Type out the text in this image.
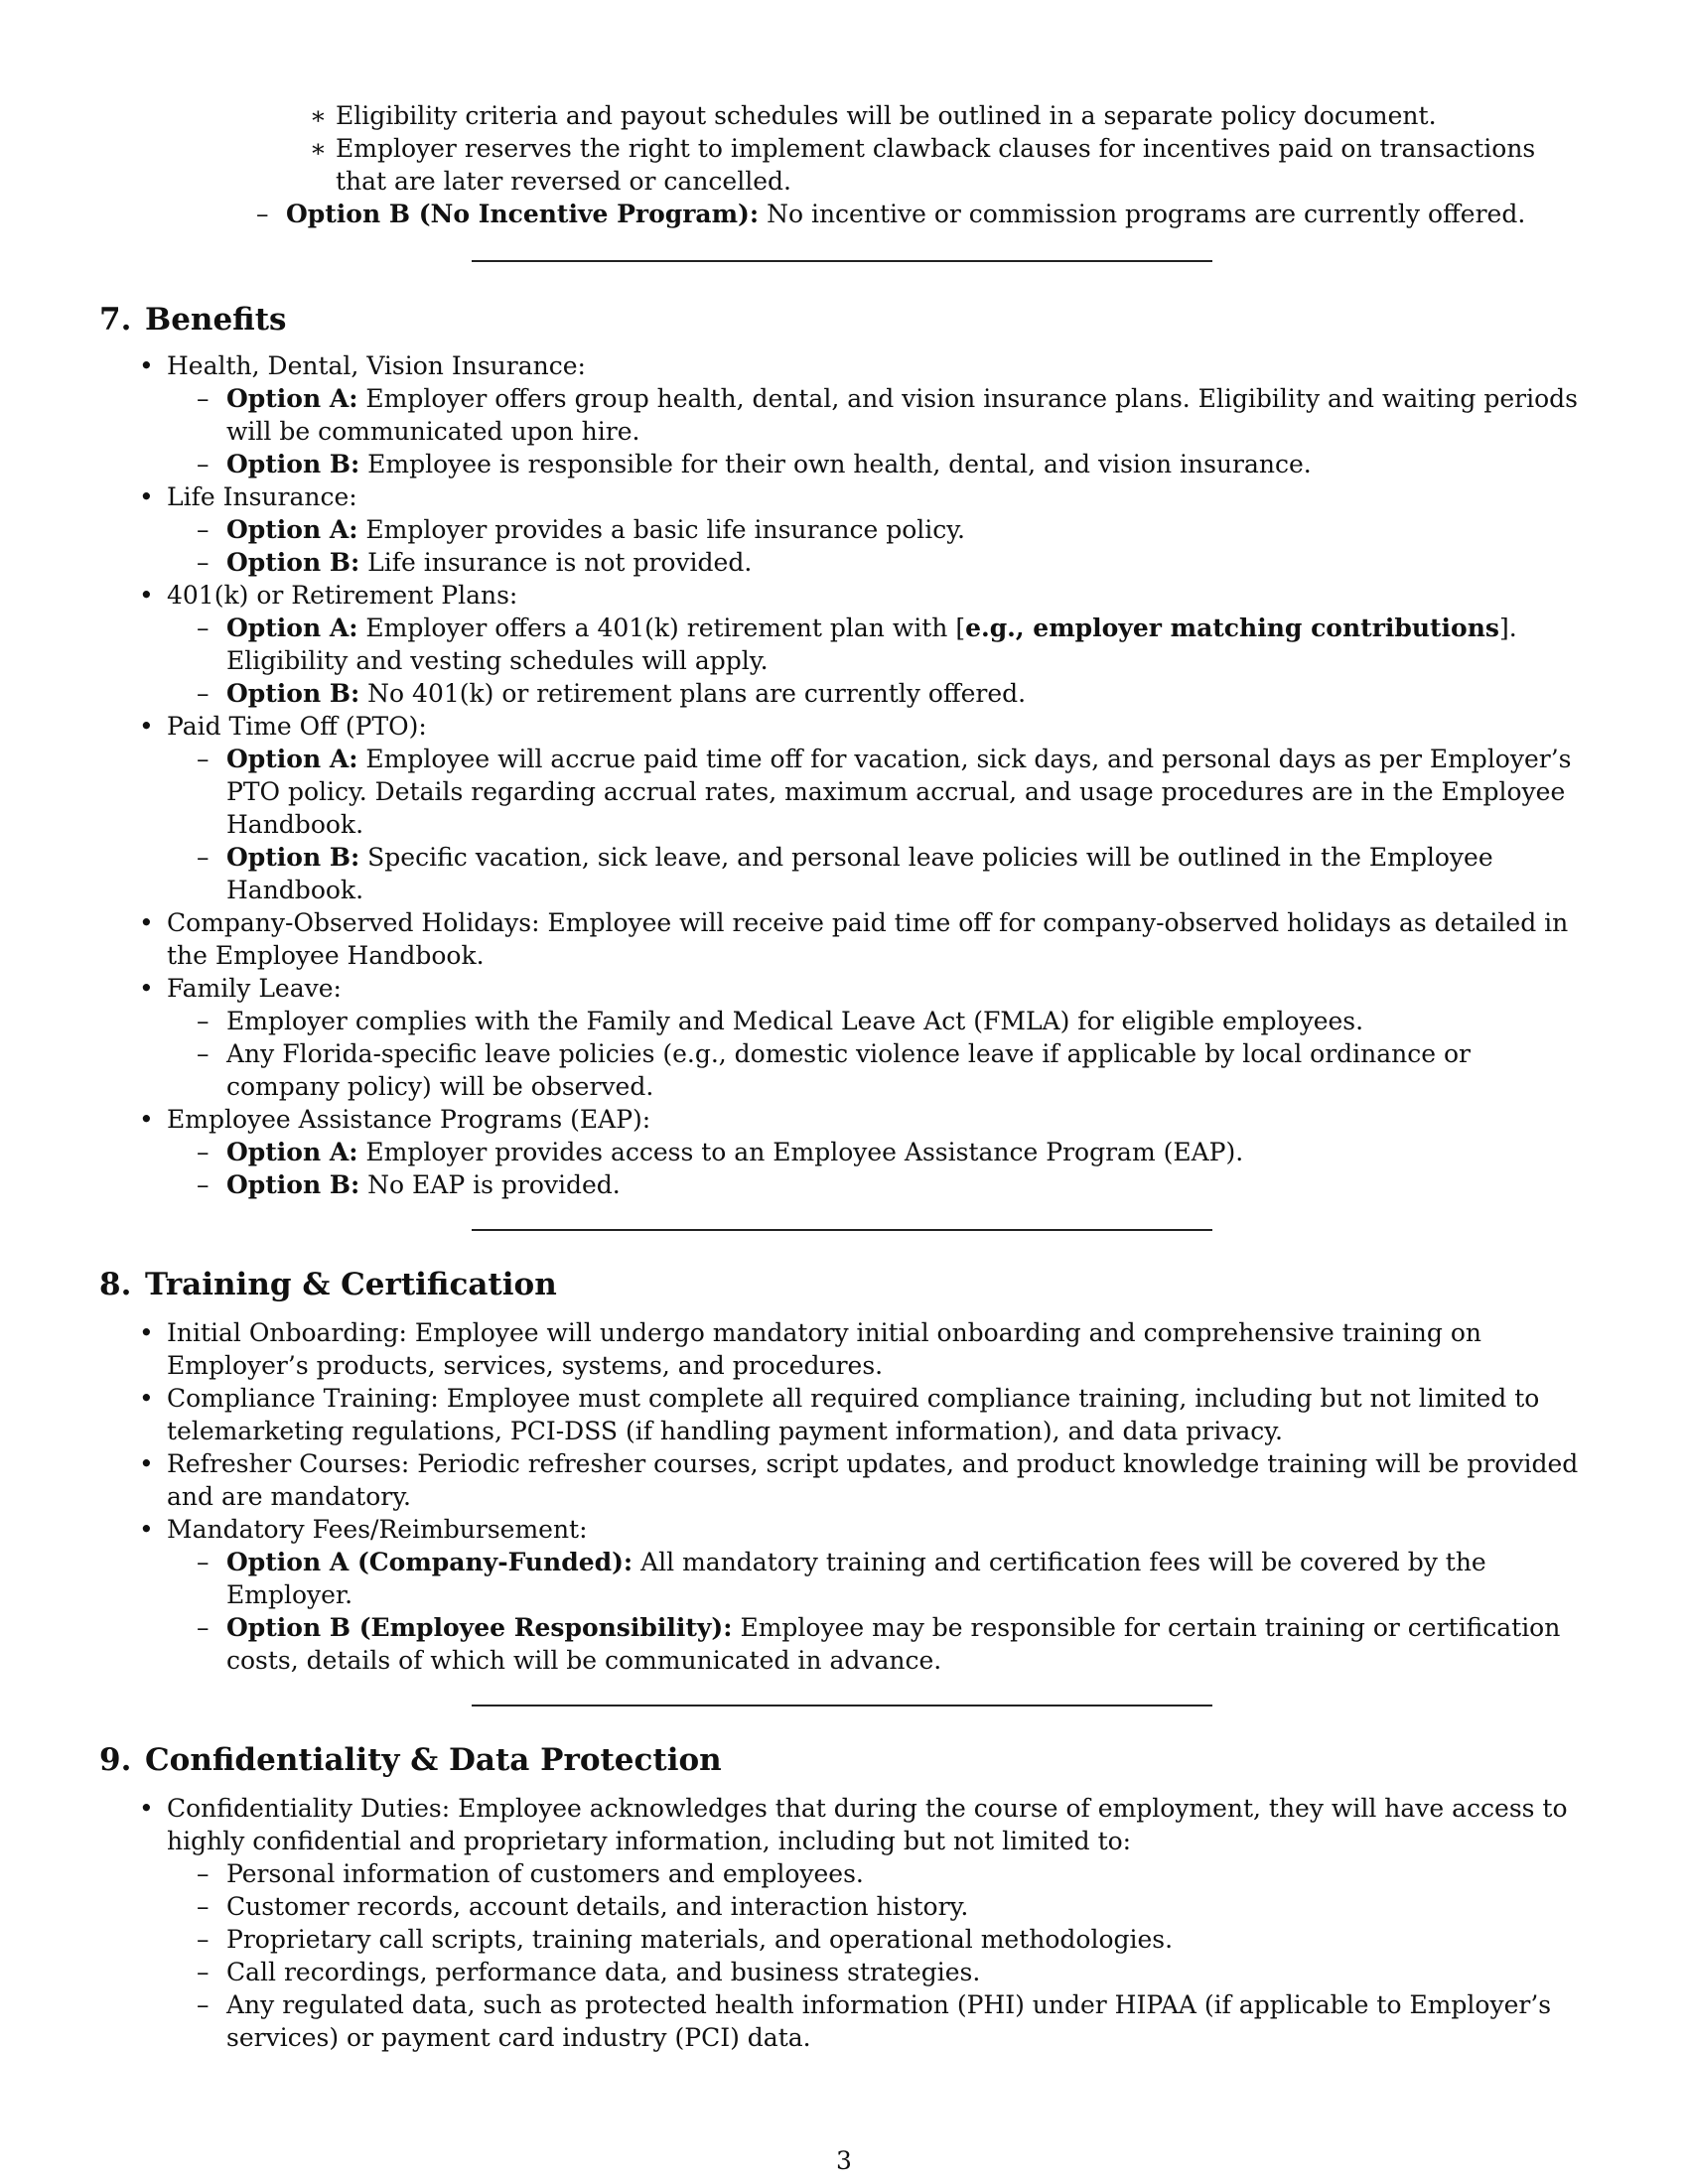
∗ Eligibility criteria and payout schedules will be outlined in a separate policy document.
∗ Employer reserves the right to implement clawback clauses for incentives paid on transactions that are later reversed or cancelled.
– Option B (No Incentive Program): No incentive or commission programs are currently offered.
7. Benefits
• Health, Dental, Vision Insurance:
– Option A: Employer offers group health, dental, and vision insurance plans. Eligibility and waiting periods will be communicated upon hire.
– Option B: Employee is responsible for their own health, dental, and vision insurance.
• Life Insurance:
– Option A: Employer provides a basic life insurance policy.
– Option B: Life insurance is not provided.
• 401(k) or Retirement Plans:
– Option A: Employer offers a 401(k) retirement plan with [e.g., employer matching contributions]. Eligibility and vesting schedules will apply.
– Option B: No 401(k) or retirement plans are currently offered.
• Paid Time Off (PTO):
– Option A: Employee will accrue paid time off for vacation, sick days, and personal days as per Employer’s PTO policy. Details regarding accrual rates, maximum accrual, and usage procedures are in the Employee Handbook.
– Option B: Specific vacation, sick leave, and personal leave policies will be outlined in the Employee Handbook.
• Company-Observed Holidays: Employee will receive paid time off for company-observed holidays as detailed in the Employee Handbook.
• Family Leave:
– Employer complies with the Family and Medical Leave Act (FMLA) for eligible employees.
– Any Florida-specific leave policies (e.g., domestic violence leave if applicable by local ordinance or company policy) will be observed.
• Employee Assistance Programs (EAP):
– Option A: Employer provides access to an Employee Assistance Program (EAP).
– Option B: No EAP is provided.
8. Training & Certification
• Initial Onboarding: Employee will undergo mandatory initial onboarding and comprehensive training on Employer’s products, services, systems, and procedures.
• Compliance Training: Employee must complete all required compliance training, including but not limited to telemarketing regulations, PCI-DSS (if handling payment information), and data privacy.
• Refresher Courses: Periodic refresher courses, script updates, and product knowledge training will be provided and are mandatory.
• Mandatory Fees/Reimbursement:
– Option A (Company-Funded): All mandatory training and certification fees will be covered by the Employer.
– Option B (Employee Responsibility): Employee may be responsible for certain training or certification costs, details of which will be communicated in advance.
9. Confidentiality & Data Protection
• Confidentiality Duties: Employee acknowledges that during the course of employment, they will have access to highly confidential and proprietary information, including but not limited to:
– Personal information of customers and employees.
– Customer records, account details, and interaction history.
– Proprietary call scripts, training materials, and operational methodologies.
– Call recordings, performance data, and business strategies.
– Any regulated data, such as protected health information (PHI) under HIPAA (if applicable to Employer’s services) or payment card industry (PCI) data.
3
